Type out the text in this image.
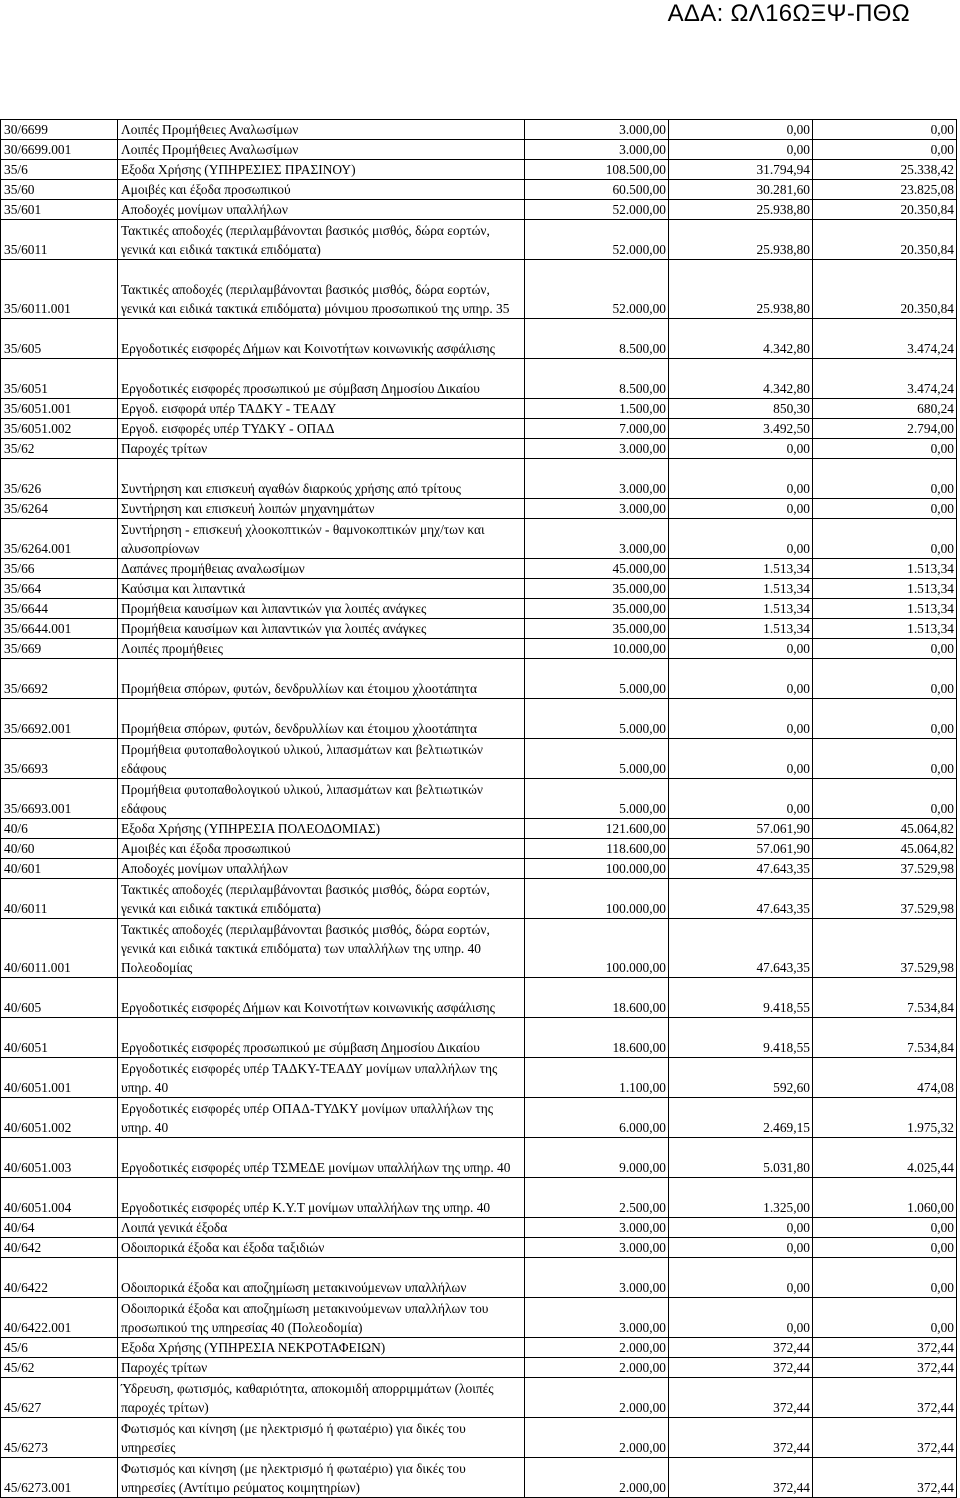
ΑΔΑ: ΩΛ16ΩΞΨ-ΠΘΩ
30/6699	Λοιπές Προμήθειες Αναλωσίμων	3.000,00	0,00	0,00
30/6699.001	Λοιπές Προμήθειες Αναλωσίμων	3.000,00	0,00	0,00
35/6	Εξοδα Χρήσης (ΥΠΗΡΕΣΙΕΣ ΠΡΑΣΙΝΟΥ)	108.500,00	31.794,94	25.338,42
35/60	Αμοιβές και έξοδα προσωπικού	60.500,00	30.281,60	23.825,08
35/601	Αποδοχές μονίμων υπαλλήλων	52.000,00	25.938,80	20.350,84
35/6011	Τακτικές αποδοχές (περιλαμβάνονται βασικός μισθός, δώρα εορτών, γενικά και ειδικά τακτικά επιδόματα)	52.000,00	25.938,80	20.350,84
35/6011.001	Τακτικές αποδοχές (περιλαμβάνονται βασικός μισθός, δώρα εορτών, γενικά και ειδικά τακτικά επιδόματα) μόνιμου προσωπικού της υπηρ. 35	52.000,00	25.938,80	20.350,84
35/605	Εργοδοτικές εισφορές Δήμων και Κοινοτήτων κοινωνικής ασφάλισης	8.500,00	4.342,80	3.474,24
35/6051	Εργοδοτικές εισφορές προσωπικού με σύμβαση Δημοσίου Δικαίου	8.500,00	4.342,80	3.474,24
35/6051.001	Εργοδ. εισφορά υπέρ ΤΑΔΚΥ - ΤΕΑΔΥ	1.500,00	850,30	680,24
35/6051.002	Εργοδ. εισφορές υπέρ ΤΥΔΚΥ - ΟΠΑΔ	7.000,00	3.492,50	2.794,00
35/62	Παροχές τρίτων	3.000,00	0,00	0,00
35/626	Συντήρηση και επισκευή αγαθών διαρκούς χρήσης από τρίτους	3.000,00	0,00	0,00
35/6264	Συντήρηση και επισκευή λοιπών μηχανημάτων	3.000,00	0,00	0,00
35/6264.001	Συντήρηση - επισκευή χλοοκοπτικών - θαμνοκοπτικών μηχ/των και αλυσοπρίονων	3.000,00	0,00	0,00
35/66	Δαπάνες προμήθειας αναλωσίμων	45.000,00	1.513,34	1.513,34
35/664	Καύσιμα και λιπαντικά	35.000,00	1.513,34	1.513,34
35/6644	Προμήθεια καυσίμων και λιπαντικών για λοιπές ανάγκες	35.000,00	1.513,34	1.513,34
35/6644.001	Προμήθεια καυσίμων και λιπαντικών για λοιπές ανάγκες	35.000,00	1.513,34	1.513,34
35/669	Λοιπές προμήθειες	10.000,00	0,00	0,00
35/6692	Προμήθεια σπόρων, φυτών, δενδρυλλίων και έτοιμου χλοοτάπητα	5.000,00	0,00	0,00
35/6692.001	Προμήθεια σπόρων, φυτών, δενδρυλλίων και έτοιμου χλοοτάπητα	5.000,00	0,00	0,00
35/6693	Προμήθεια φυτοπαθολογικού υλικού, λιπασμάτων και βελτιωτικών εδάφους	5.000,00	0,00	0,00
35/6693.001	Προμήθεια φυτοπαθολογικού υλικού, λιπασμάτων και βελτιωτικών εδάφους	5.000,00	0,00	0,00
40/6	Εξοδα Χρήσης (ΥΠΗΡΕΣΙΑ ΠΟΛΕΟΔΟΜΙΑΣ)	121.600,00	57.061,90	45.064,82
40/60	Αμοιβές και έξοδα προσωπικού	118.600,00	57.061,90	45.064,82
40/601	Αποδοχές μονίμων υπαλλήλων	100.000,00	47.643,35	37.529,98
40/6011	Τακτικές αποδοχές (περιλαμβάνονται βασικός μισθός, δώρα εορτών, γενικά και ειδικά τακτικά επιδόματα)	100.000,00	47.643,35	37.529,98
40/6011.001	Τακτικές αποδοχές (περιλαμβάνονται βασικός μισθός, δώρα εορτών, γενικά και ειδικά τακτικά επιδόματα) των υπαλλήλων της υπηρ. 40 Πολεοδομίας	100.000,00	47.643,35	37.529,98
40/605	Εργοδοτικές εισφορές Δήμων και Κοινοτήτων κοινωνικής ασφάλισης	18.600,00	9.418,55	7.534,84
40/6051	Εργοδοτικές εισφορές προσωπικού με σύμβαση Δημοσίου Δικαίου	18.600,00	9.418,55	7.534,84
40/6051.001	Εργοδοτικές εισφορές υπέρ ΤΑΔΚΥ-ΤΕΑΔΥ μονίμων υπαλλήλων της υπηρ. 40	1.100,00	592,60	474,08
40/6051.002	Εργοδοτικές εισφορές υπέρ ΟΠΑΔ-ΤΥΔΚΥ μονίμων υπαλλήλων της υπηρ. 40	6.000,00	2.469,15	1.975,32
40/6051.003	Εργοδοτικές εισφορές υπέρ ΤΣΜΕΔΕ μονίμων υπαλλήλων της υπηρ. 40	9.000,00	5.031,80	4.025,44
40/6051.004	Εργοδοτικές εισφορές υπέρ Κ.Υ.Τ μονίμων υπαλλήλων της υπηρ. 40	2.500,00	1.325,00	1.060,00
40/64	Λοιπά γενικά έξοδα	3.000,00	0,00	0,00
40/642	Οδοιπορικά έξοδα και έξοδα ταξιδιών	3.000,00	0,00	0,00
40/6422	Οδοιπορικά έξοδα και αποζημίωση μετακινούμενων υπαλλήλων	3.000,00	0,00	0,00
40/6422.001	Οδοιπορικά έξοδα και αποζημίωση μετακινούμενων υπαλλήλων του προσωπικού της υπηρεσίας 40 (Πολεοδομία)	3.000,00	0,00	0,00
45/6	Εξοδα Χρήσης (ΥΠΗΡΕΣΙΑ ΝΕΚΡΟΤΑΦΕΙΩΝ)	2.000,00	372,44	372,44
45/62	Παροχές τρίτων	2.000,00	372,44	372,44
45/627	Ύδρευση, φωτισμός, καθαριότητα, αποκομιδή απορριμμάτων (λοιπές παροχές τρίτων)	2.000,00	372,44	372,44
45/6273	Φωτισμός και κίνηση (με ηλεκτρισμό ή φωταέριο) για δικές του υπηρεσίες	2.000,00	372,44	372,44
45/6273.001	Φωτισμός και κίνηση (με ηλεκτρισμό ή φωταέριο) για δικές του υπηρεσίες (Αντίτιμο ρεύματος κοιμητηρίων)	2.000,00	372,44	372,44
